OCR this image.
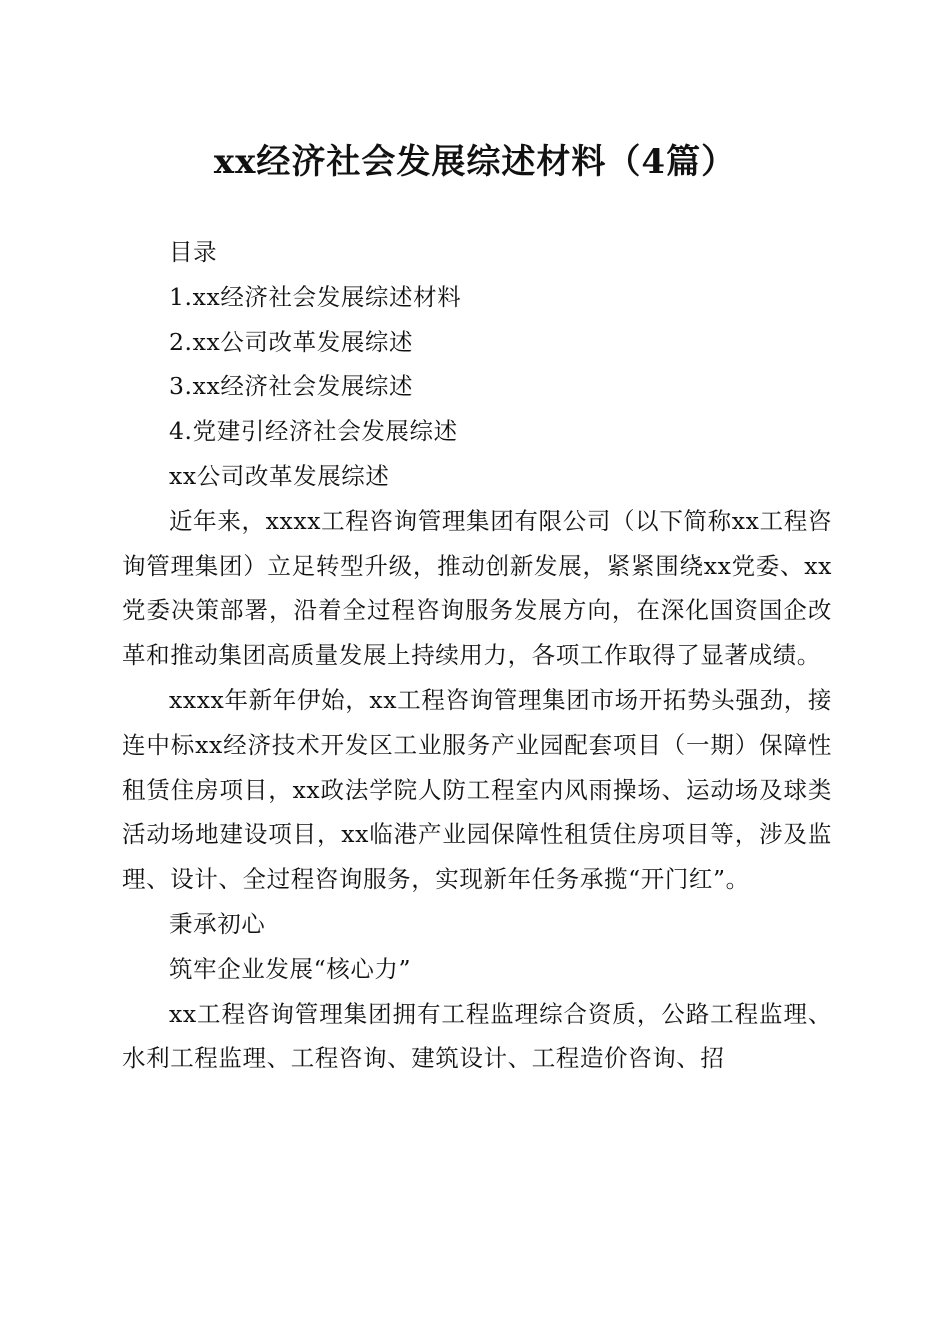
xx经济社会发展综述材料（4篇）

目录

1.xx经济社会发展综述材料

2.xx公司改革发展综述

3.xx经济社会发展综述

4.党建引经济社会发展综述

xx公司改革发展综述

近年来，xxxx工程咨询管理集团有限公司（以下简称xx工程咨询管理集团）立足转型升级，推动创新发展，紧紧围绕xx党委、xx党委决策部署，沿着全过程咨询服务发展方向，在深化国资国企改革和推动集团高质量发展上持续用力，各项工作取得了显著成绩。

xxxx年新年伊始，xx工程咨询管理集团市场开拓势头强劲，接连中标xx经济技术开发区工业服务产业园配套项目（一期）保障性租赁住房项目，xx政法学院人防工程室内风雨操场、运动场及球类活动场地建设项目，xx临港产业园保障性租赁住房项目等，涉及监理、设计、全过程咨询服务，实现新年任务承揽“开门红”。

秉承初心

筑牢企业发展“核心力”

xx工程咨询管理集团拥有工程监理综合资质，公路工程监理、水利工程监理、工程咨询、建筑设计、工程造价咨询、招
